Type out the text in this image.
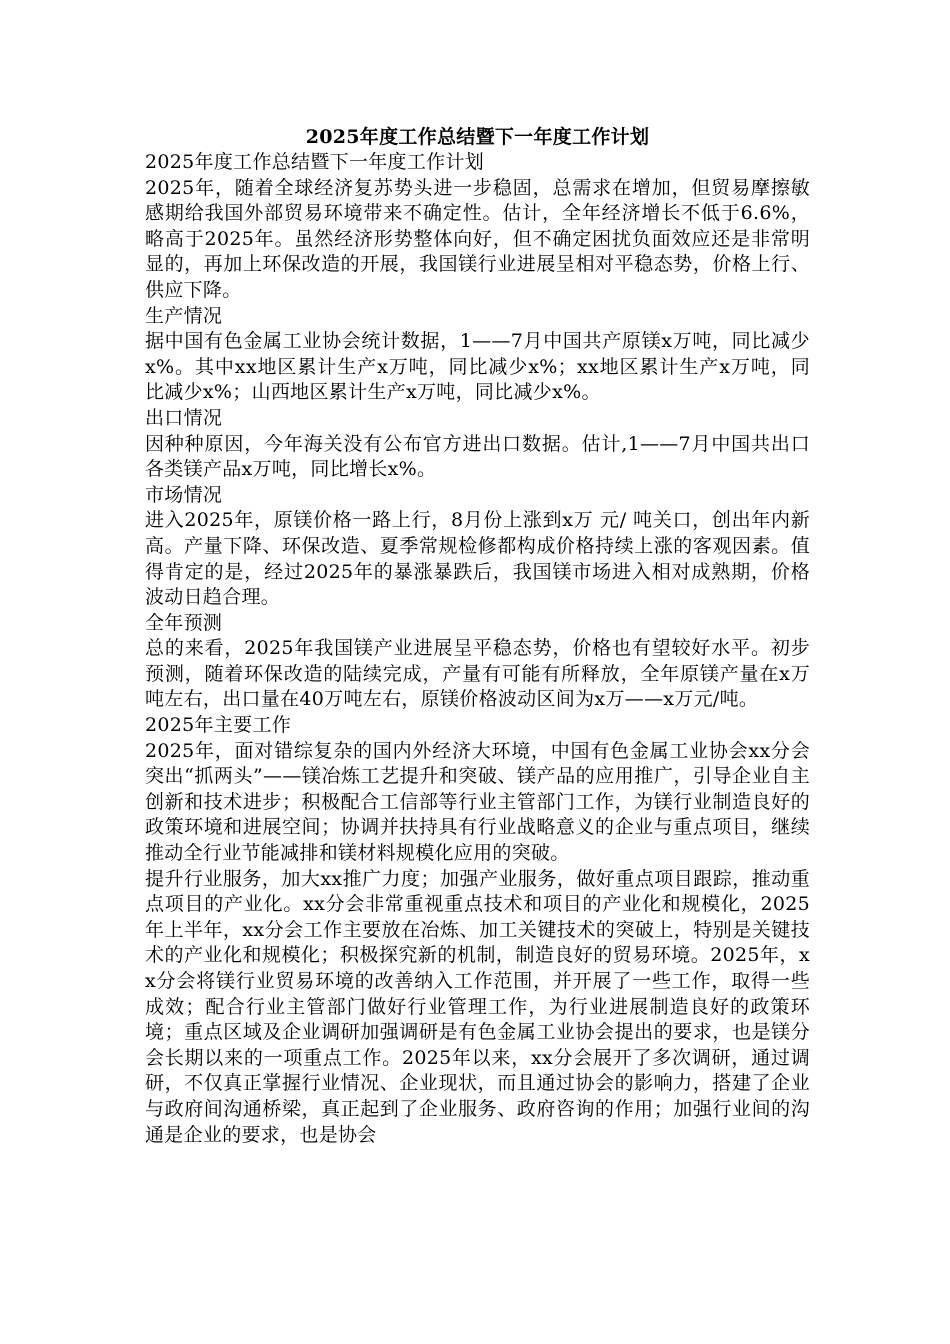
2025年度工作总结暨下一年度工作计划
2025年度工作总结暨下一年度工作计划
2025年，随着全球经济复苏势头进一步稳固，总需求在增加，但贸易摩擦敏感期给我国外部贸易环境带来不确定性。估计，全年经济增长不低于6.6%，略高于2025年。虽然经济形势整体向好，但不确定困扰负面效应还是非常明显的，再加上环保改造的开展，我国镁行业进展呈相对平稳态势，价格上行、供应下降。
生产情况
据中国有色金属工业协会统计数据，1——7月中国共产原镁x万吨，同比减少x%。其中xx地区累计生产x万吨，同比减少x%；xx地区累计生产x万吨，同比减少x%；山西地区累计生产x万吨，同比减少x%。
出口情况
因种种原因，今年海关没有公布官方进出口数据。估计,1——7月中国共出口各类镁产品x万吨，同比增长x%。
市场情况
进入2025年，原镁价格一路上行，8月份上涨到x万 元/ 吨关口，创出年内新高。产量下降、环保改造、夏季常规检修都构成价格持续上涨的客观因素。值得肯定的是，经过2025年的暴涨暴跌后，我国镁市场进入相对成熟期，价格波动日趋合理。
全年预测
总的来看，2025年我国镁产业进展呈平稳态势，价格也有望较好水平。初步预测，随着环保改造的陆续完成，产量有可能有所释放，全年原镁产量在x万吨左右，出口量在40万吨左右，原镁价格波动区间为x万——x万元/吨。
2025年主要工作
2025年，面对错综复杂的国内外经济大环境，中国有色金属工业协会xx分会突出“抓两头”——镁冶炼工艺提升和突破、镁产品的应用推广，引导企业自主创新和技术进步；积极配合工信部等行业主管部门工作，为镁行业制造良好的政策环境和进展空间；协调并扶持具有行业战略意义的企业与重点项目，继续推动全行业节能减排和镁材料规模化应用的突破。
提升行业服务，加大xx推广力度；加强产业服务，做好重点项目跟踪，推动重点项目的产业化。xx分会非常重视重点技术和项目的产业化和规模化，2025年上半年，xx分会工作主要放在冶炼、加工关键技术的突破上，特别是关键技术的产业化和规模化；积极探究新的机制，制造良好的贸易环境。2025年，xx分会将镁行业贸易环境的改善纳入工作范围，并开展了一些工作，取得一些成效；配合行业主管部门做好行业管理工作，为行业进展制造良好的政策环境；重点区域及企业调研加强调研是有色金属工业协会提出的要求，也是镁分会长期以来的一项重点工作。2025年以来，xx分会展开了多次调研，通过调研，不仅真正掌握行业情况、企业现状，而且通过协会的影响力，搭建了企业与政府间沟通桥梁，真正起到了企业服务、政府咨询的作用；加强行业间的沟通是企业的要求，也是协会
